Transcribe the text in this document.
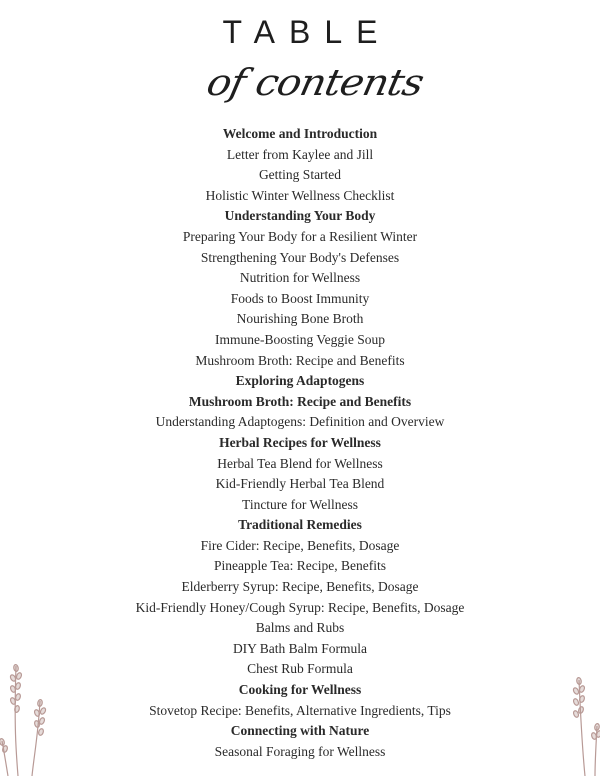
TABLE
of contents
Welcome and Introduction
Letter from Kaylee and Jill
Getting Started
Holistic Winter Wellness Checklist
Understanding Your Body
Preparing Your Body for a Resilient Winter
Strengthening Your Body's Defenses
Nutrition for Wellness
Foods to Boost Immunity
Nourishing Bone Broth
Immune-Boosting Veggie Soup
Mushroom Broth: Recipe and Benefits
Exploring Adaptogens
Mushroom Broth: Recipe and Benefits
Understanding Adaptogens: Definition and Overview
Herbal Recipes for Wellness
Herbal Tea Blend for Wellness
Kid-Friendly Herbal Tea Blend
Tincture for Wellness
Traditional Remedies
Fire Cider: Recipe, Benefits, Dosage
Pineapple Tea: Recipe, Benefits
Elderberry Syrup: Recipe, Benefits, Dosage
Kid-Friendly Honey/Cough Syrup: Recipe, Benefits, Dosage
Balms and Rubs
DIY Bath Balm Formula
Chest Rub Formula
Cooking for Wellness
Stovetop Recipe: Benefits, Alternative Ingredients, Tips
Connecting with Nature
Seasonal Foraging for Wellness
